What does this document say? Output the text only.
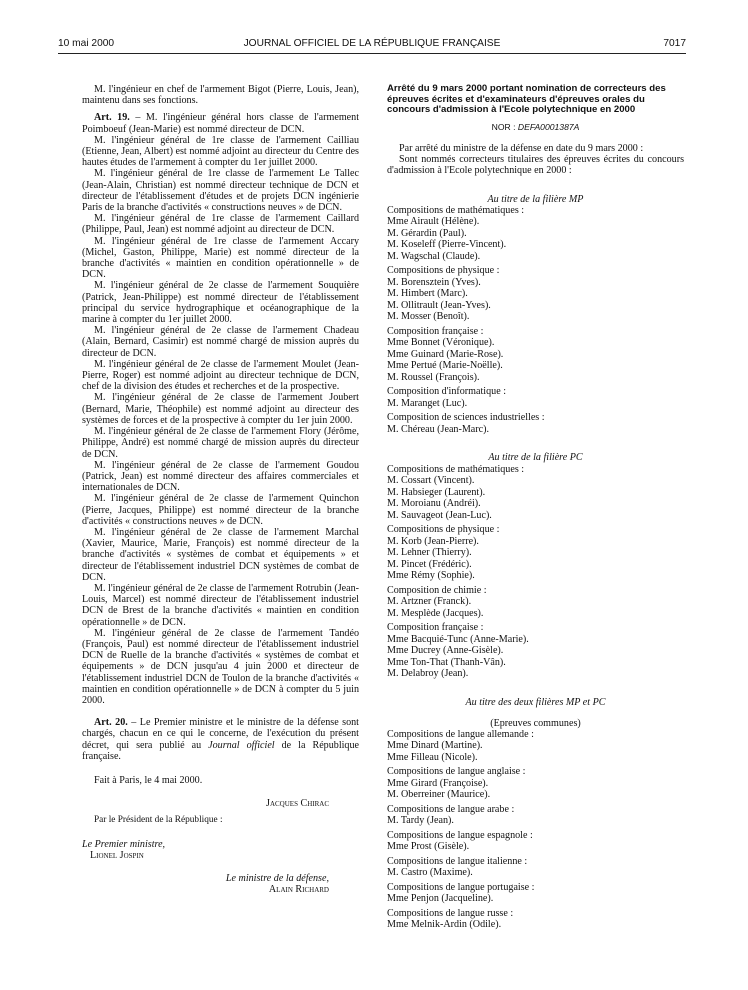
10 mai 2000	JOURNAL OFFICIEL DE LA RÉPUBLIQUE FRANÇAISE	7017

M. l'ingénieur en chef de l'armement Bigot (Pierre, Louis, Jean), maintenu dans ses fonctions.

Art. 19. – M. l'ingénieur général hors classe de l'armement Poimboeuf (Jean-Marie) est nommé directeur de DCN.

M. l'ingénieur général de 1re classe de l'armement Cailliau (Etienne, Jean, Albert) est nommé adjoint au directeur du Centre des hautes études de l'armement à compter du 1er juillet 2000.

M. l'ingénieur général de 1re classe de l'armement Le Tallec (Jean-Alain, Christian) est nommé directeur technique de DCN et directeur de l'établissement d'études et de projets DCN ingénierie Paris de la branche d'activités « constructions neuves » de DCN.

M. l'ingénieur général de 1re classe de l'armement Caillard (Philippe, Paul, Jean) est nommé adjoint au directeur de DCN.

M. l'ingénieur général de 1re classe de l'armement Accary (Michel, Gaston, Philippe, Marie) est nommé directeur de la branche d'activités « maintien en condition opérationnelle » de DCN.

M. l'ingénieur général de 2e classe de l'armement Souquière (Patrick, Jean-Philippe) est nommé directeur de l'établissement principal du service hydrographique et océanographique de la marine à compter du 1er juillet 2000.

M. l'ingénieur général de 2e classe de l'armement Chadeau (Alain, Bernard, Casimir) est nommé chargé de mission auprès du directeur de DCN.

M. l'ingénieur général de 2e classe de l'armement Moulet (Jean-Pierre, Roger) est nommé adjoint au directeur technique de DCN, chef de la division des études et recherches et de la prospective.

M. l'ingénieur général de 2e classe de l'armement Joubert (Bernard, Marie, Théophile) est nommé adjoint au directeur des systèmes de forces et de la prospective à compter du 1er juin 2000.

M. l'ingénieur général de 2e classe de l'armement Flory (Jérôme, Philippe, André) est nommé chargé de mission auprès du directeur de DCN.

M. l'ingénieur général de 2e classe de l'armement Goudou (Patrick, Jean) est nommé directeur des affaires commerciales et internationales de DCN.

M. l'ingénieur général de 2e classe de l'armement Quinchon (Pierre, Jacques, Philippe) est nommé directeur de la branche d'activités « constructions neuves » de DCN.

M. l'ingénieur général de 2e classe de l'armement Marchal (Xavier, Maurice, Marie, François) est nommé directeur de la branche d'activités « systèmes de combat et équipements » et directeur de l'établissement industriel DCN systèmes de combat de DCN.

M. l'ingénieur général de 2e classe de l'armement Rotrubin (Jean-Louis, Marcel) est nommé directeur de l'établissement industriel DCN de Brest de la branche d'activités « maintien en condition opérationnelle » de DCN.

M. l'ingénieur général de 2e classe de l'armement Tandéo (François, Paul) est nommé directeur de l'établissement industriel DCN de Ruelle de la branche d'activités « systèmes de combat et équipements » de DCN jusqu'au 4 juin 2000 et directeur de l'établissement industriel DCN de Toulon de la branche d'activités « maintien en condition opérationnelle » de DCN à compter du 5 juin 2000.

Art. 20. – Le Premier ministre et le ministre de la défense sont chargés, chacun en ce qui le concerne, de l'exécution du présent décret, qui sera publié au Journal officiel de la République française.

Fait à Paris, le 4 mai 2000.

Jacques Chirac

Par le Président de la République :

Le Premier ministre,

Lionel Jospin

Le ministre de la défense,

Alain Richard

Arrêté du 9 mars 2000 portant nomination de correcteurs des épreuves écrites et d'examinateurs d'épreuves orales du concours d'admission à l'Ecole polytechnique en 2000

NOR : DEFA0001387A

Par arrêté du ministre de la défense en date du 9 mars 2000 :

Sont nommés correcteurs titulaires des épreuves écrites du concours d'admission à l'Ecole polytechnique en 2000 :

Au titre de la filière MP

Compositions de mathématiques :

Mme Airault (Hélène).

M. Gérardin (Paul).

M. Koseleff (Pierre-Vincent).

M. Wagschal (Claude).

Compositions de physique :

M. Borensztein (Yves).

M. Himbert (Marc).

M. Ollitrault (Jean-Yves).

M. Mosser (Benoît).

Composition française :

Mme Bonnet (Véronique).

Mme Guinard (Marie-Rose).

Mme Pertué (Marie-Noëlle).

M. Roussel (François).

Composition d'informatique :

M. Maranget (Luc).

Composition de sciences industrielles :

M. Chéreau (Jean-Marc).

Au titre de la filière PC

Compositions de mathématiques :

M. Cossart (Vincent).

M. Habsieger (Laurent).

M. Moroianu (Andréi).

M. Sauvageot (Jean-Luc).

Compositions de physique :

M. Korb (Jean-Pierre).

M. Lehner (Thierry).

M. Pincet (Frédéric).

Mme Rémy (Sophie).

Composition de chimie :

M. Artzner (Franck).

M. Mesplède (Jacques).

Composition française :

Mme Bacquié-Tunc (Anne-Marie).

Mme Ducrey (Anne-Gisèle).

Mme Ton-That (Thanh-Vân).

M. Delabroy (Jean).

Au titre des deux filières MP et PC

(Epreuves communes)

Compositions de langue allemande :

Mme Dinard (Martine).

Mme Filleau (Nicole).

Compositions de langue anglaise :

Mme Girard (Françoise).

M. Oberreiner (Maurice).

Compositions de langue arabe :

M. Tardy (Jean).

Compositions de langue espagnole :

Mme Prost (Gisèle).

Compositions de langue italienne :

M. Castro (Maxime).

Compositions de langue portugaise :

Mme Penjon (Jacqueline).

Compositions de langue russe :

Mme Melnik-Ardin (Odile).
